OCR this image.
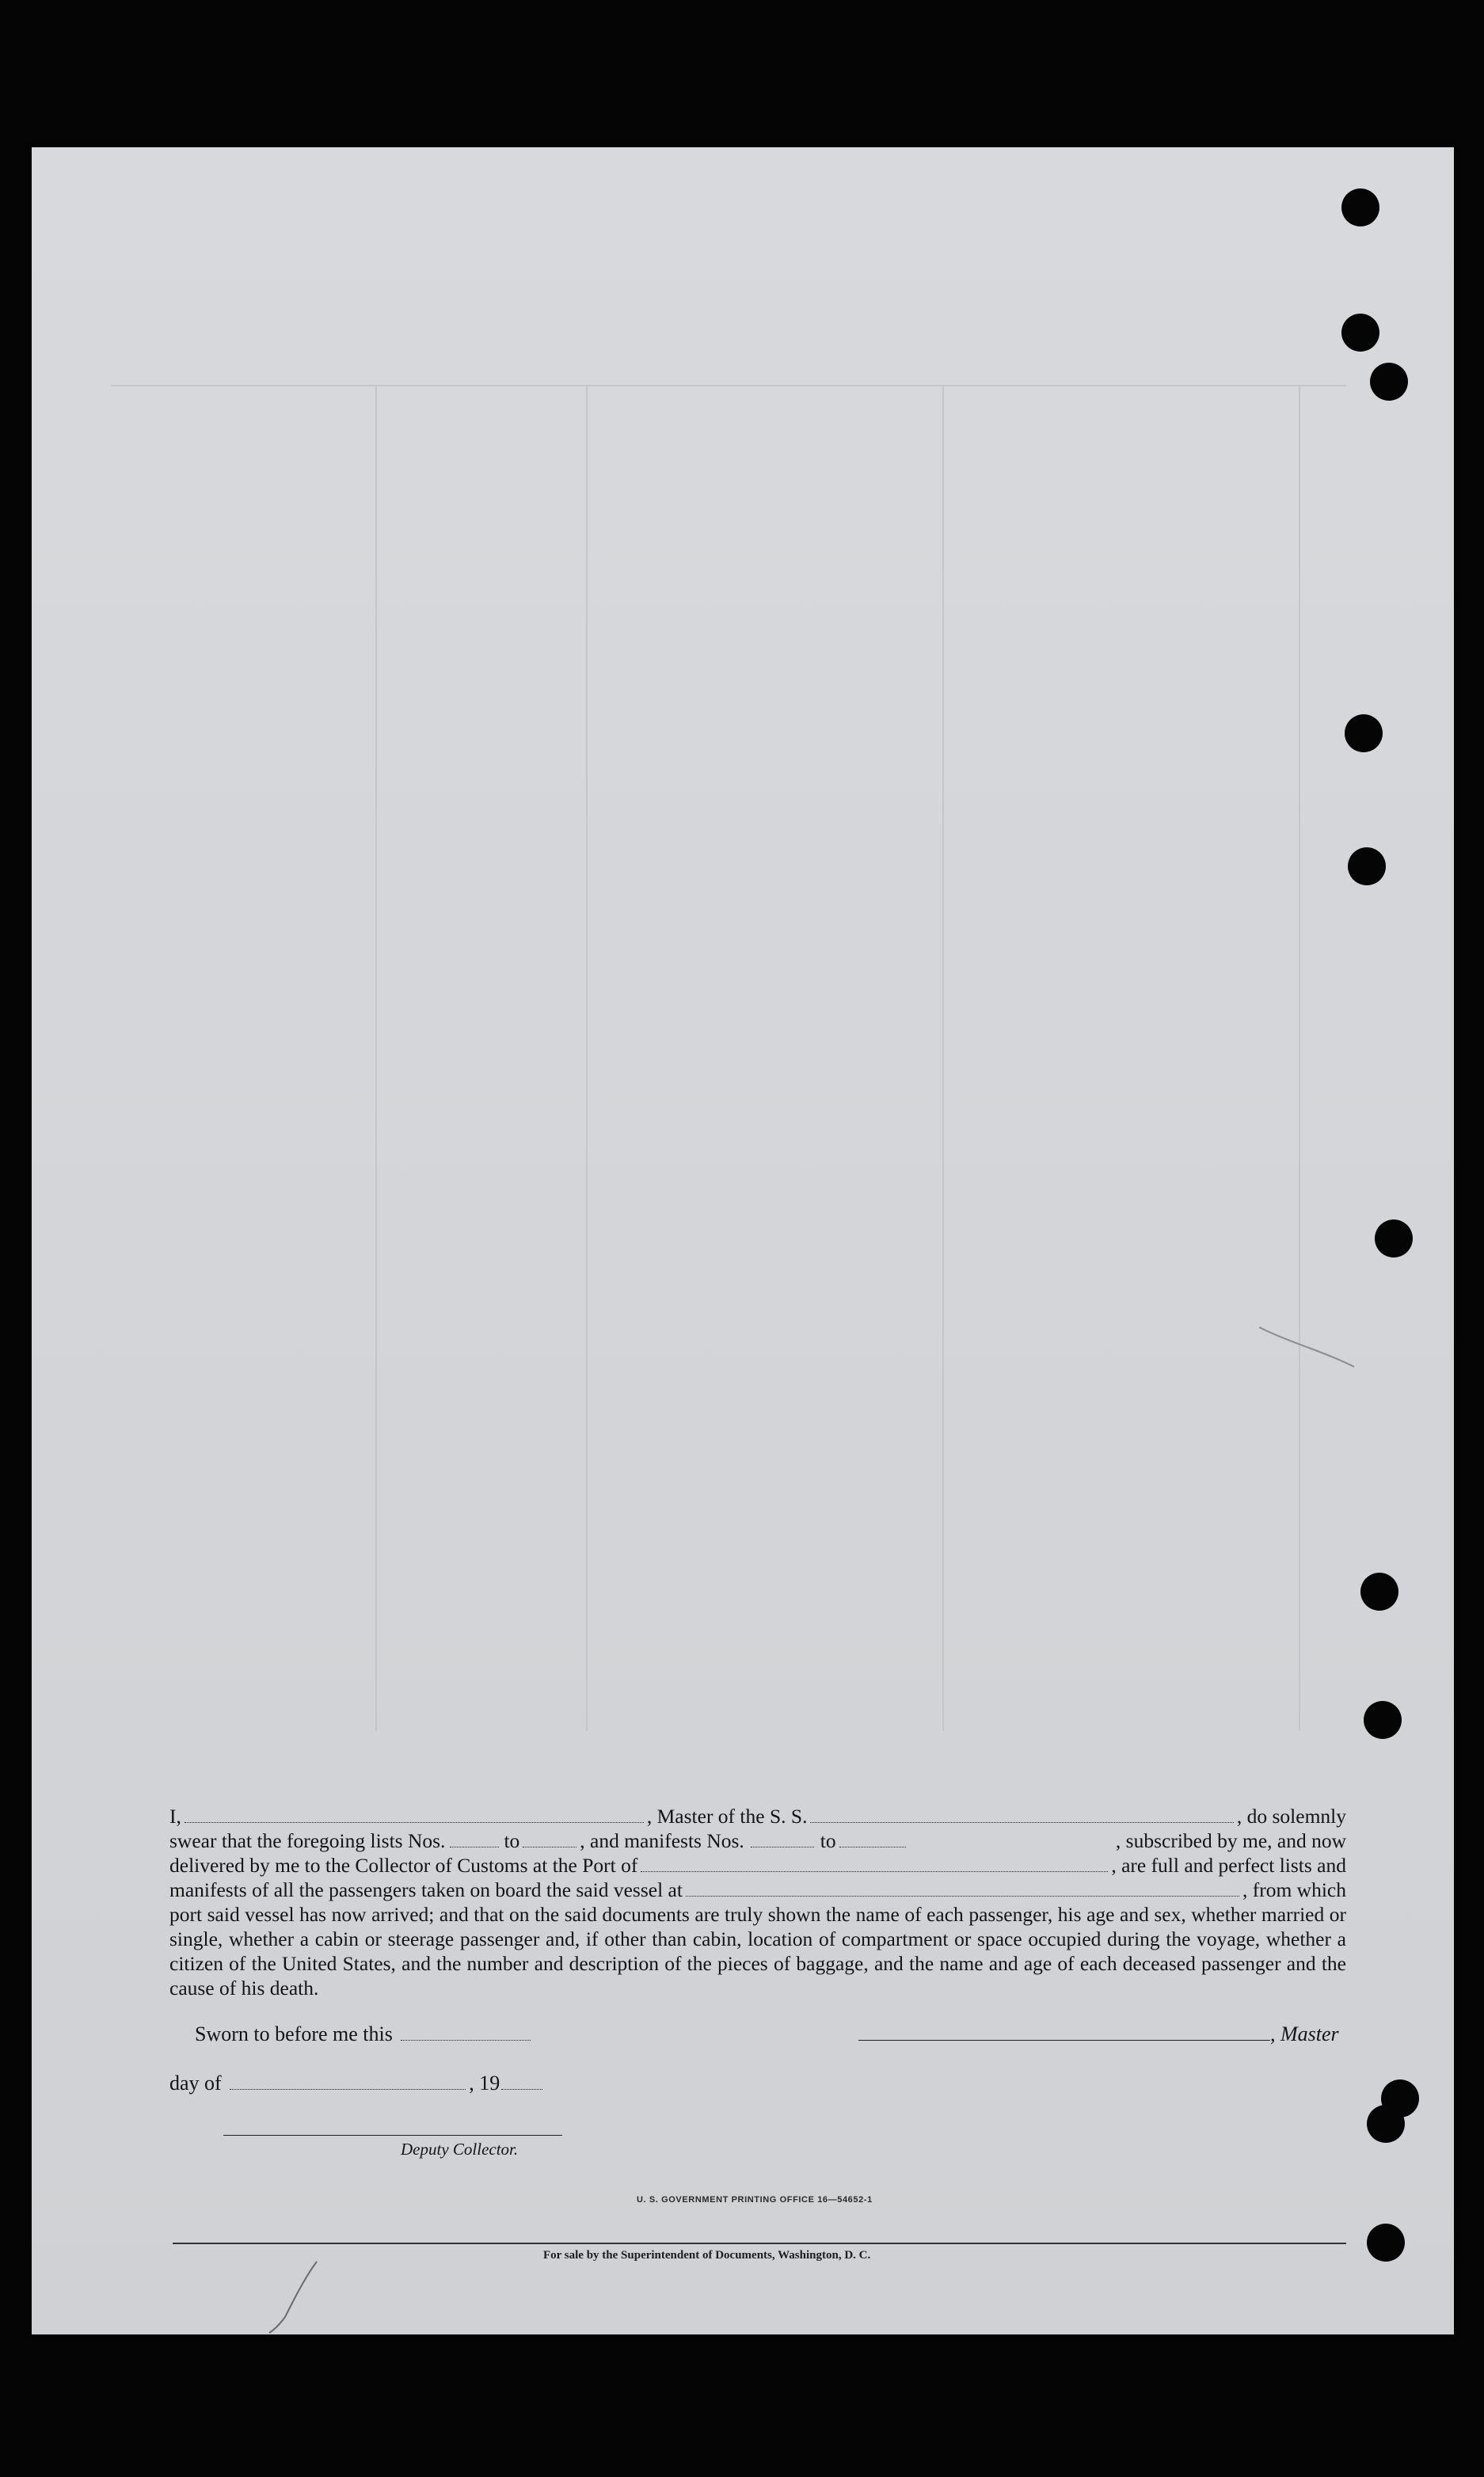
I,	, Master of the S. S.	, do solemnly
swear that the foregoing lists Nos.	to	, and manifests Nos.	to	, subscribed by me, and now
delivered by me to the Collector of Customs at the Port of	, are full and perfect lists and
manifests of all the passengers taken on board the said vessel at	, from which

port said vessel has now arrived; and that on the said documents are truly shown the name of each passenger, his age and sex, whether married or single, whether a cabin or steerage passenger and, if other than cabin, location of compartment or space occupied during the voyage, whether a citizen of the United States, and the number and description of the pieces of baggage, and the name and age of each deceased passenger and the cause of his death.

Sworn to before me this	, Master
day of	, 19
Deputy Collector.
U. S. GOVERNMENT PRINTING OFFICE 16—54652-1
For sale by the Superintendent of Documents, Washington, D. C.
